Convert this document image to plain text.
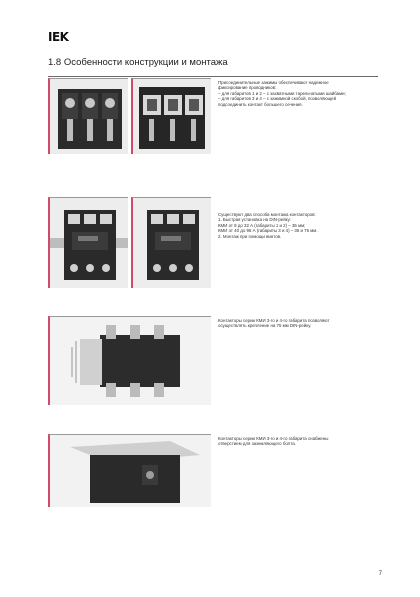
IEK
1.8 Особенности конструкции и монтажа
Присоединительные зажимы обеспечивают надежное
фиксирование проводников:
– для габаритов 1 и 2 – с захватными тарельчатыми шайбами;
– для габаритов 3 и 4 – с зажимной скобой, позволяющей
подсоединить контакт большего сечения.
Существуют два способа монтажа контакторов:
1. Быстрая установка на DIN-рейку:
КМИ от 9 до 32 А (габариты 1 и 2) – 35 мм;
КМИ от 40 до 95 А (габариты 3 и 4) – 35 и 75 мм.
2. Монтаж при помощи винтов.
Контакторы серии КМИ 3-го и 4-го габарита позволяют
осуществлять крепление на 75 мм DIN-рейку.
Контакторы серии КМИ 3-го и 4-го габарита снабжены
отверстием для заземляющего болта.
7
